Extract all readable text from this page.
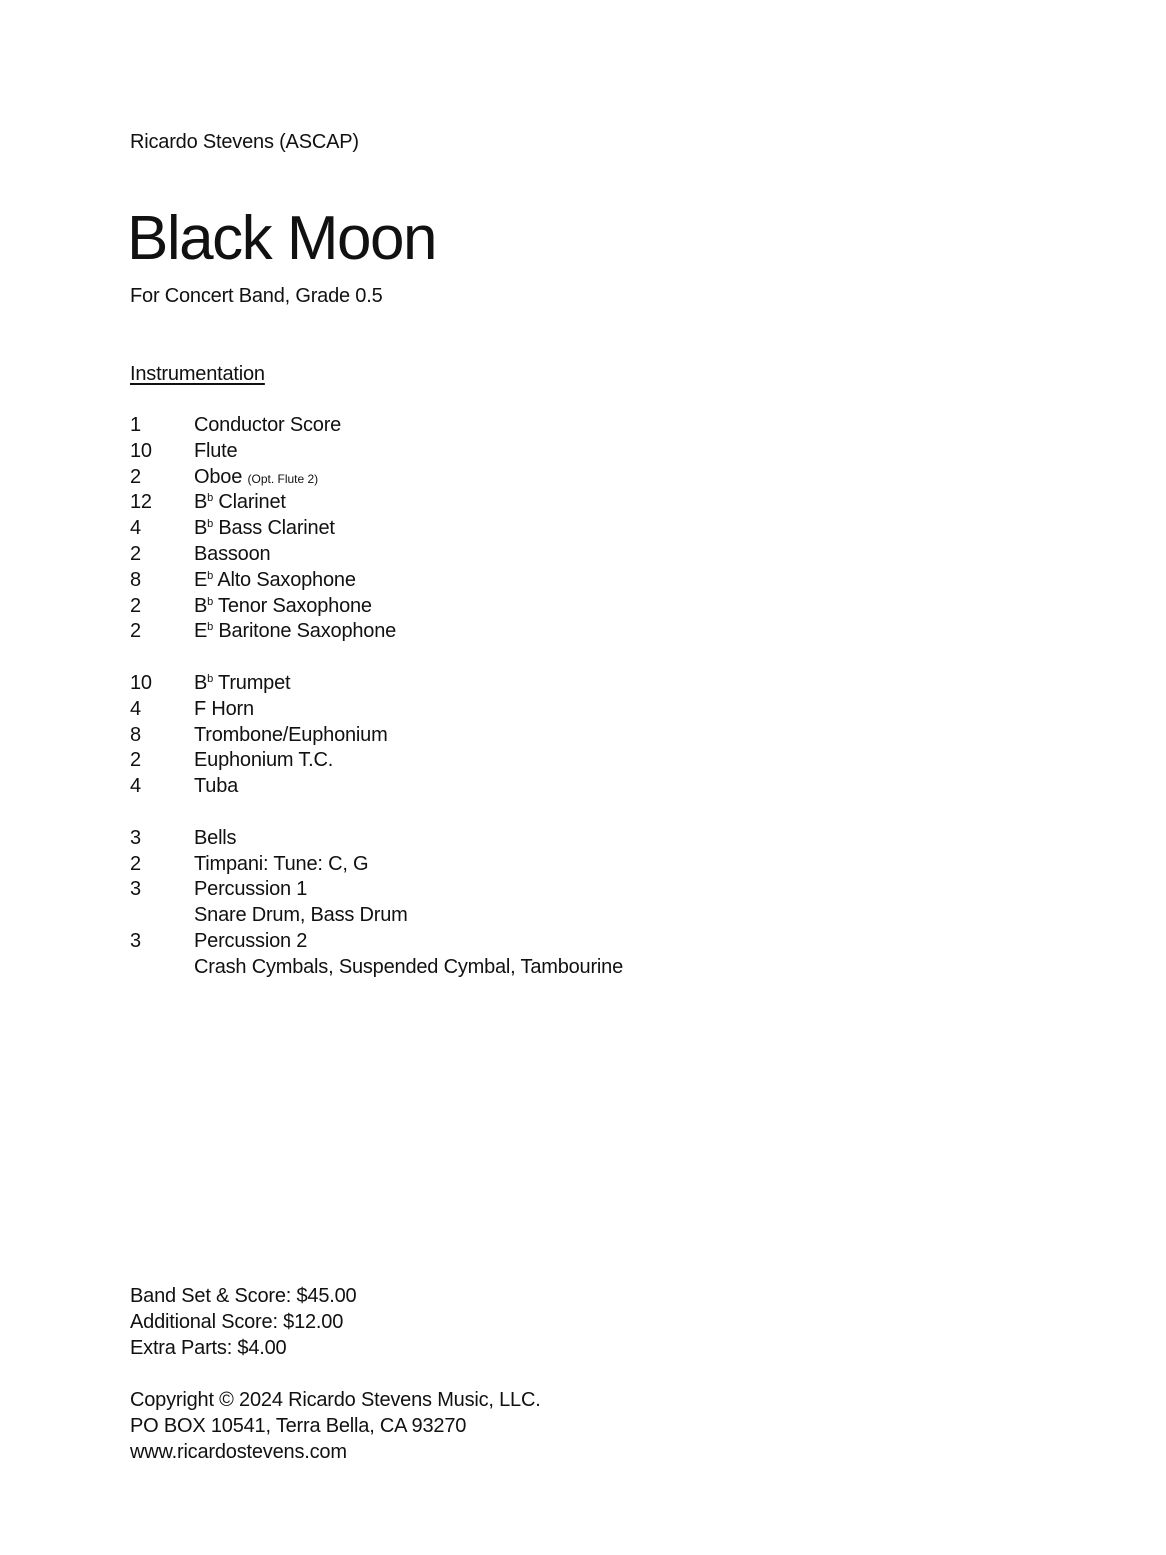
Ricardo Stevens (ASCAP)
Black Moon
For Concert Band, Grade 0.5
Instrumentation
1	Conductor Score
10	Flute
2	Oboe (Opt. Flute 2)
12	$B^b$ Clarinet
4	$B^b$ Bass Clarinet
2	Bassoon
8	$E^b$ Alto Saxophone
2	$B^b$ Tenor Saxophone
2	$E^b$ Baritone Saxophone
10	$B^b$ Trumpet
4	F Horn
8	Trombone/Euphonium
2	Euphonium T.C.
4	Tuba
3	Bells
2	Timpani: Tune: C, G
3	Percussion 1
Snare Drum, Bass Drum
3	Percussion 2
Crash Cymbals, Suspended Cymbal, Tambourine
Band Set & Score: $45.00
Additional Score: $12.00
Extra Parts: $4.00
Copyright © 2024 Ricardo Stevens Music, LLC.
PO BOX 10541, Terra Bella, CA 93270
www.ricardostevens.com
